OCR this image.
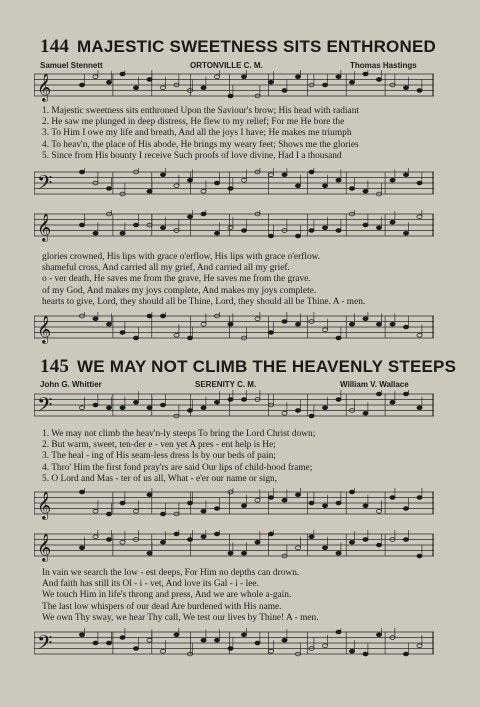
144 MAJESTIC SWEETNESS SITS ENTHRONED
Samuel Stennett	ORTONVILLE C. M.	Thomas Hastings
𝄞
1. Majestic sweetness sits enthroned Upon the Saviour's brow; His head with radiant
2. He saw me plunged in deep distress, He flew to my relief; For me He bore the
3. To Him I owe my life and breath, And all the joys I have; He makes me triumph
4. To heav'n, the place of His abode, He brings my weary feet; Shows me the glories
5. Since from His bounty I receive Such proofs of love divine, Had I a thousand
𝄢
𝄞
glories crowned, His lips with grace o'erflow, His lips with grace o'erflow.
shameful cross, And carried all my grief, And carried all my grief.
o - ver death, He saves me from the grave, He saves me from the grave.
of my God, And makes my joys complete, And makes my joys complete.
hearts to give, Lord, they should all be Thine, Lord, they should all be Thine. A - men.
𝄞
145 WE MAY NOT CLIMB THE HEAVENLY STEEPS
John G. Whittier	SERENITY C. M.	William V. Wallace
𝄢
1. We may not climb the heav'n-ly steeps To bring the Lord Christ down;
2. But warm, sweet, ten-der e - ven yet A pres - ent help is He;
3. The heal - ing of His seam-less dress Is by our beds of pain;
4. Thro' Him the first fond pray'rs are said Our lips of child-hood frame;
5. O Lord and Mas - ter of us all, What - e'er our name or sign,
𝄞
𝄞
In vain we search the low - est deeps, For Him no depths can drown.
And faith has still its Ol - i - vet, And love its Gal - i - lee.
We touch Him in life's throng and press, And we are whole a-gain.
The last low whispers of our dead Are burdened with His name.
We own Thy sway, we hear Thy call, We test our lives by Thine! A - men.
𝄢
